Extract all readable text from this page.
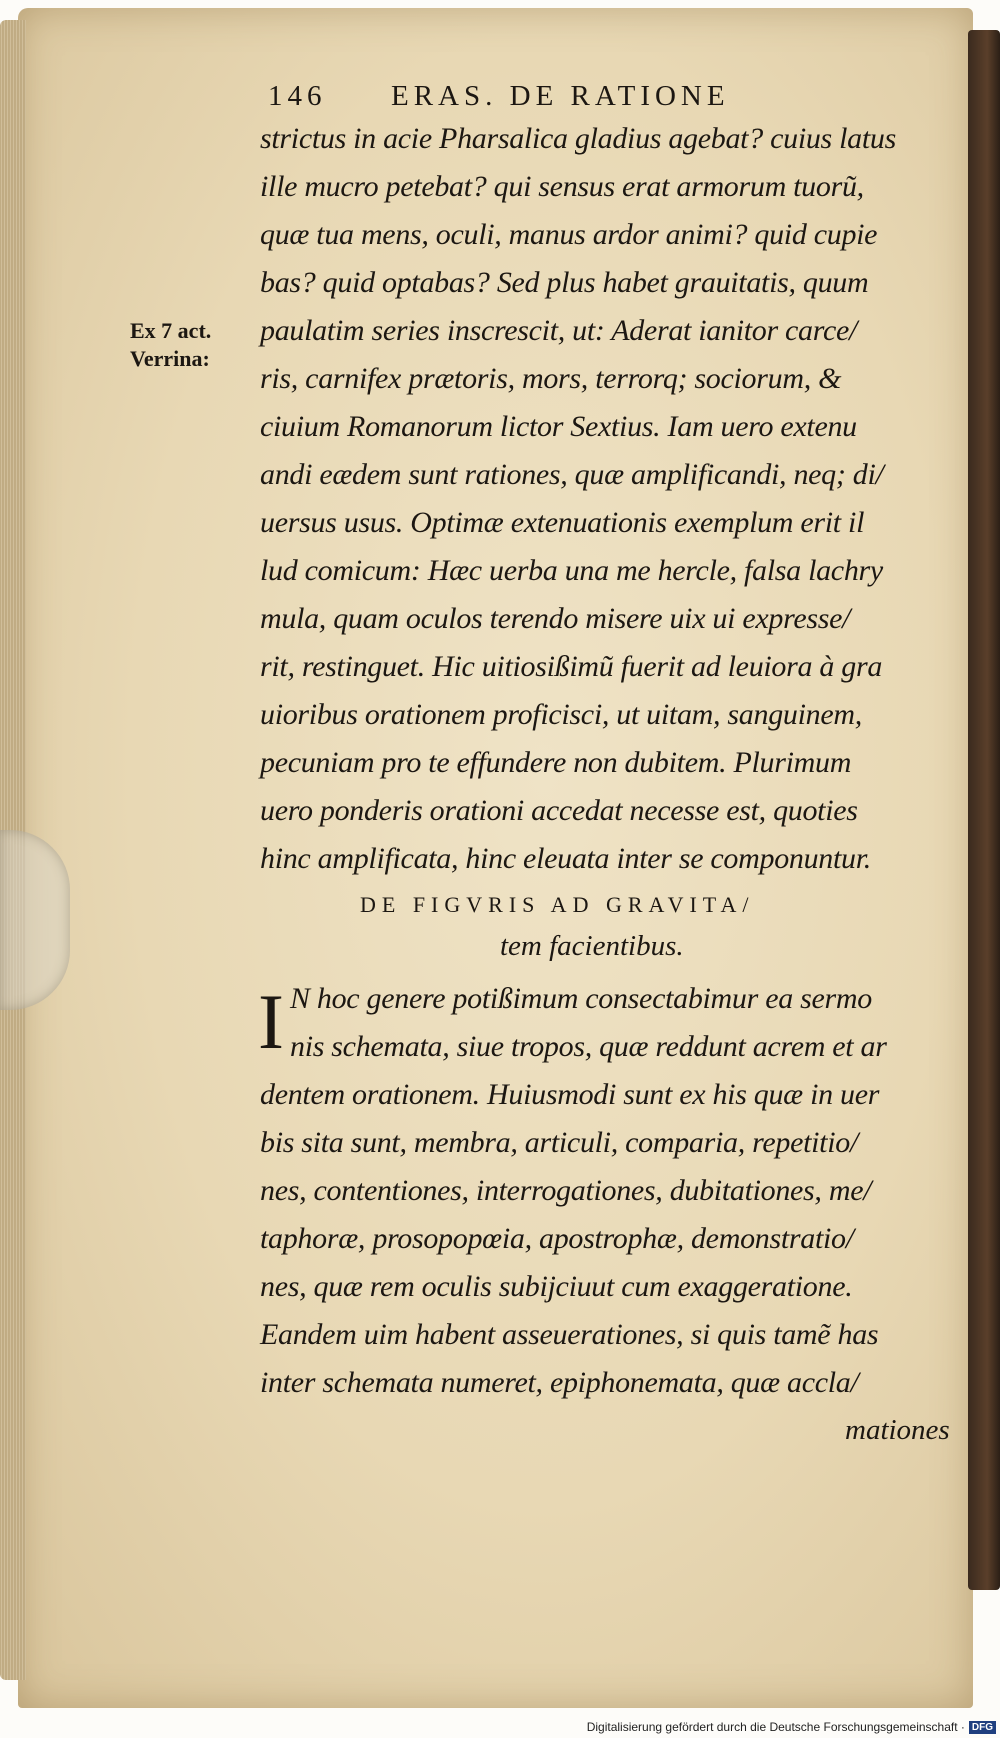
146 ERAS. DE RATIONE
Ex 7 act.
Verrina:
strictus in acie Pharsalica gladius agebat? cuius latus
ille mucro petebat? qui sensus erat armorum tuorũ,
quæ tua mens, oculi, manus ardor animi? quid cupie
bas? quid optabas? Sed plus habet grauitatis, quum
paulatim series inscrescit, ut: Aderat ianitor carce/
ris, carnifex prætoris, mors, terrorq; sociorum, &
ciuium Romanorum lictor Sextius. Iam uero extenu
andi eædem sunt rationes, quæ amplificandi, neq; di/
uersus usus. Optimæ extenuationis exemplum erit il
lud comicum: Hæc uerba una me hercle, falsa lachry
mula, quam oculos terendo misere uix ui expresse/
rit, restinguet. Hic uitiosißimũ fuerit ad leuiora à gra
uioribus orationem proficisci, ut uitam, sanguinem,
pecuniam pro te effundere non dubitem. Plurimum
uero ponderis orationi accedat necesse est, quoties
hinc amplificata, hinc eleuata inter se componuntur.
DE FIGVRIS AD GRAVITA/
tem facientibus.
I N hoc genere potißimum consectabimur ea sermo
nis schemata, siue tropos, quæ reddunt acrem et ar
dentem orationem. Huiusmodi sunt ex his quæ in uer
bis sita sunt, membra, articuli, comparia, repetitio/
nes, contentiones, interrogationes, dubitationes, me/
taphoræ, prosopopœia, apostrophæ, demonstratio/
nes, quæ rem oculis subijciuut cum exaggeratione.
Eandem uim habent asseuerationes, si quis tamẽ has
inter schemata numeret, epiphonemata, quæ accla/
mationes
Digitalisierung gefördert durch die Deutsche Forschungsgemeinschaft · DFG
